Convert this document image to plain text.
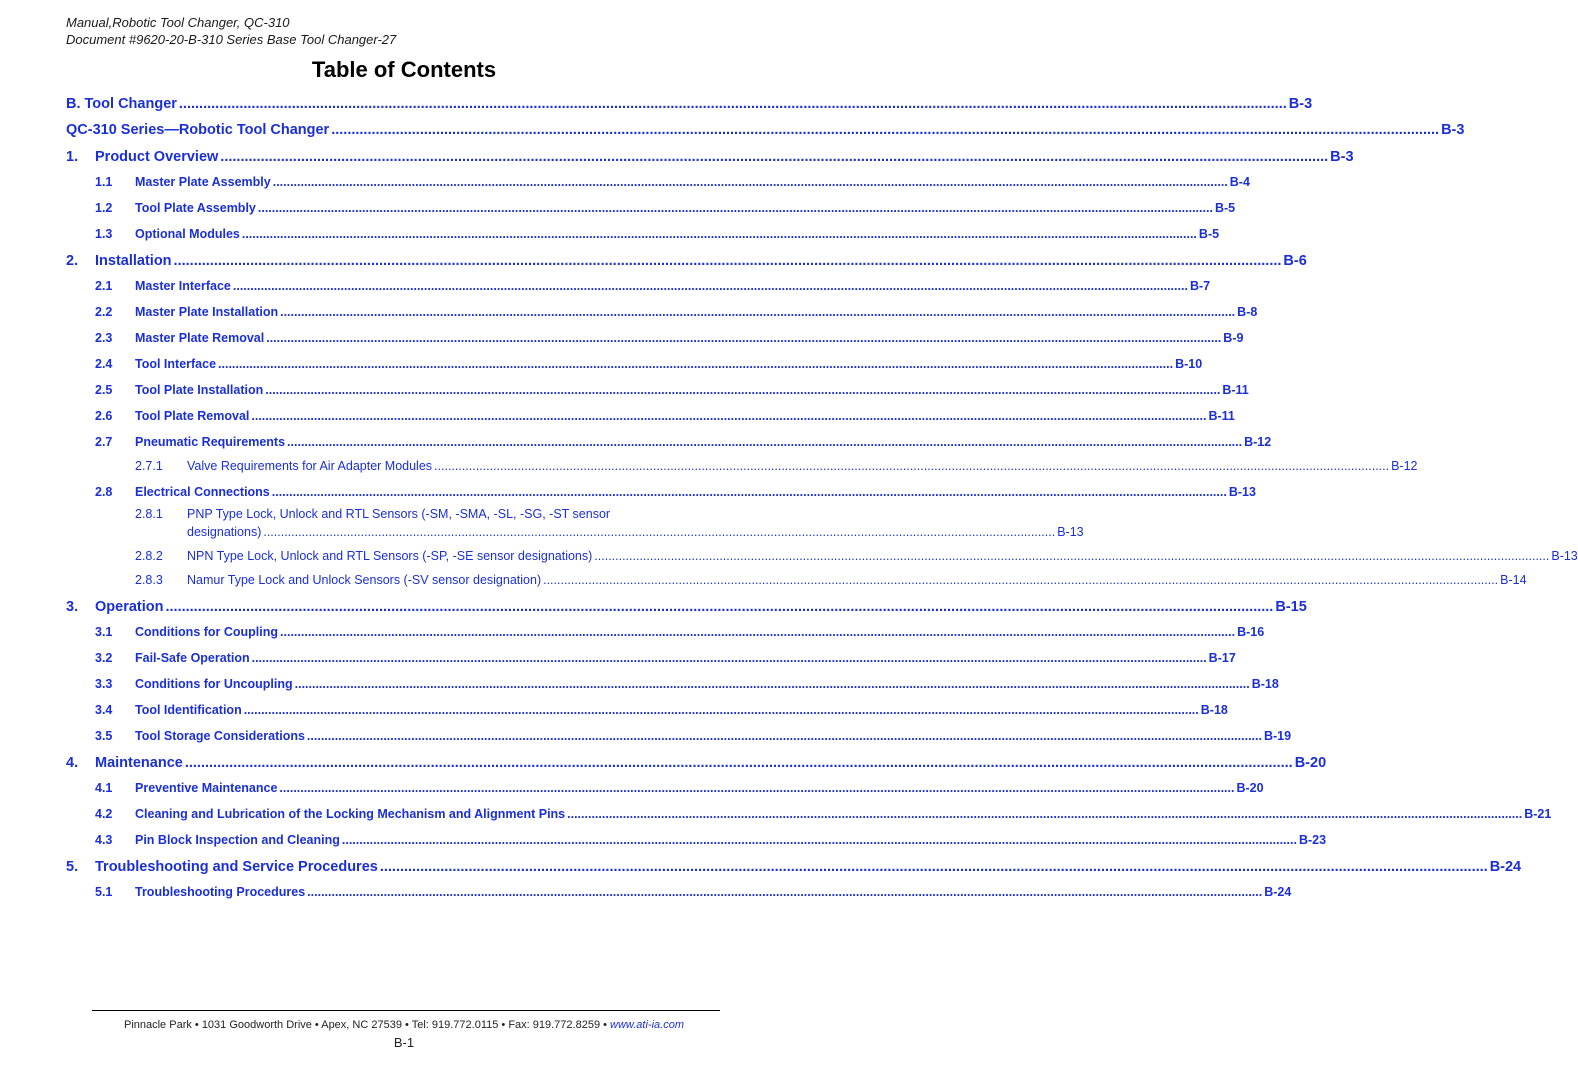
Manual,Robotic Tool Changer, QC-310
Document #9620-20-B-310 Series Base Tool Changer-27
Table of Contents
B. Tool Changer .....	B-3
QC-310 Series—Robotic Tool Changer .....	B-3
1.	Product Overview .....	B-3
1.1	Master Plate Assembly .....	B-4
1.2	Tool Plate Assembly .....	B-5
1.3	Optional Modules .....	B-5
2.	Installation .....	B-6
2.1	Master Interface .....	B-7
2.2	Master Plate Installation .....	B-8
2.3	Master Plate Removal .....	B-9
2.4	Tool Interface .....	B-10
2.5	Tool Plate Installation .....	B-11
2.6	Tool Plate Removal .....	B-11
2.7	Pneumatic Requirements .....	B-12
2.7.1	Valve Requirements for Air Adapter Modules .....	B-12
2.8	Electrical Connections .....	B-13
2.8.1	PNP Type Lock, Unlock and RTL Sensors (-SM, -SMA, -SL, -SG, -ST sensor
designations) .................................................................................................................................................................................................................................... B-13
2.8.2	NPN Type Lock, Unlock and RTL Sensors (-SP, -SE sensor designations) .....	B-13
2.8.3	Namur Type Lock and Unlock Sensors (-SV sensor designation) .....	B-14
3.	Operation .....	B-15
3.1	Conditions for Coupling .....	B-16
3.2	Fail-Safe Operation .....	B-17
3.3	Conditions for Uncoupling .....	B-18
3.4	Tool Identification .....	B-18
3.5	Tool Storage Considerations .....	B-19
4.	Maintenance .....	B-20
4.1	Preventive Maintenance .....	B-20
4.2	Cleaning and Lubrication of the Locking Mechanism and Alignment Pins .....	B-21
4.3	Pin Block Inspection and Cleaning .....	B-23
5.	Troubleshooting and Service Procedures .....	B-24
5.1	Troubleshooting Procedures .....	B-24
Pinnacle Park • 1031 Goodworth Drive • Apex, NC 27539 • Tel: 919.772.0115 • Fax: 919.772.8259 • www.ati-ia.com
B-1
